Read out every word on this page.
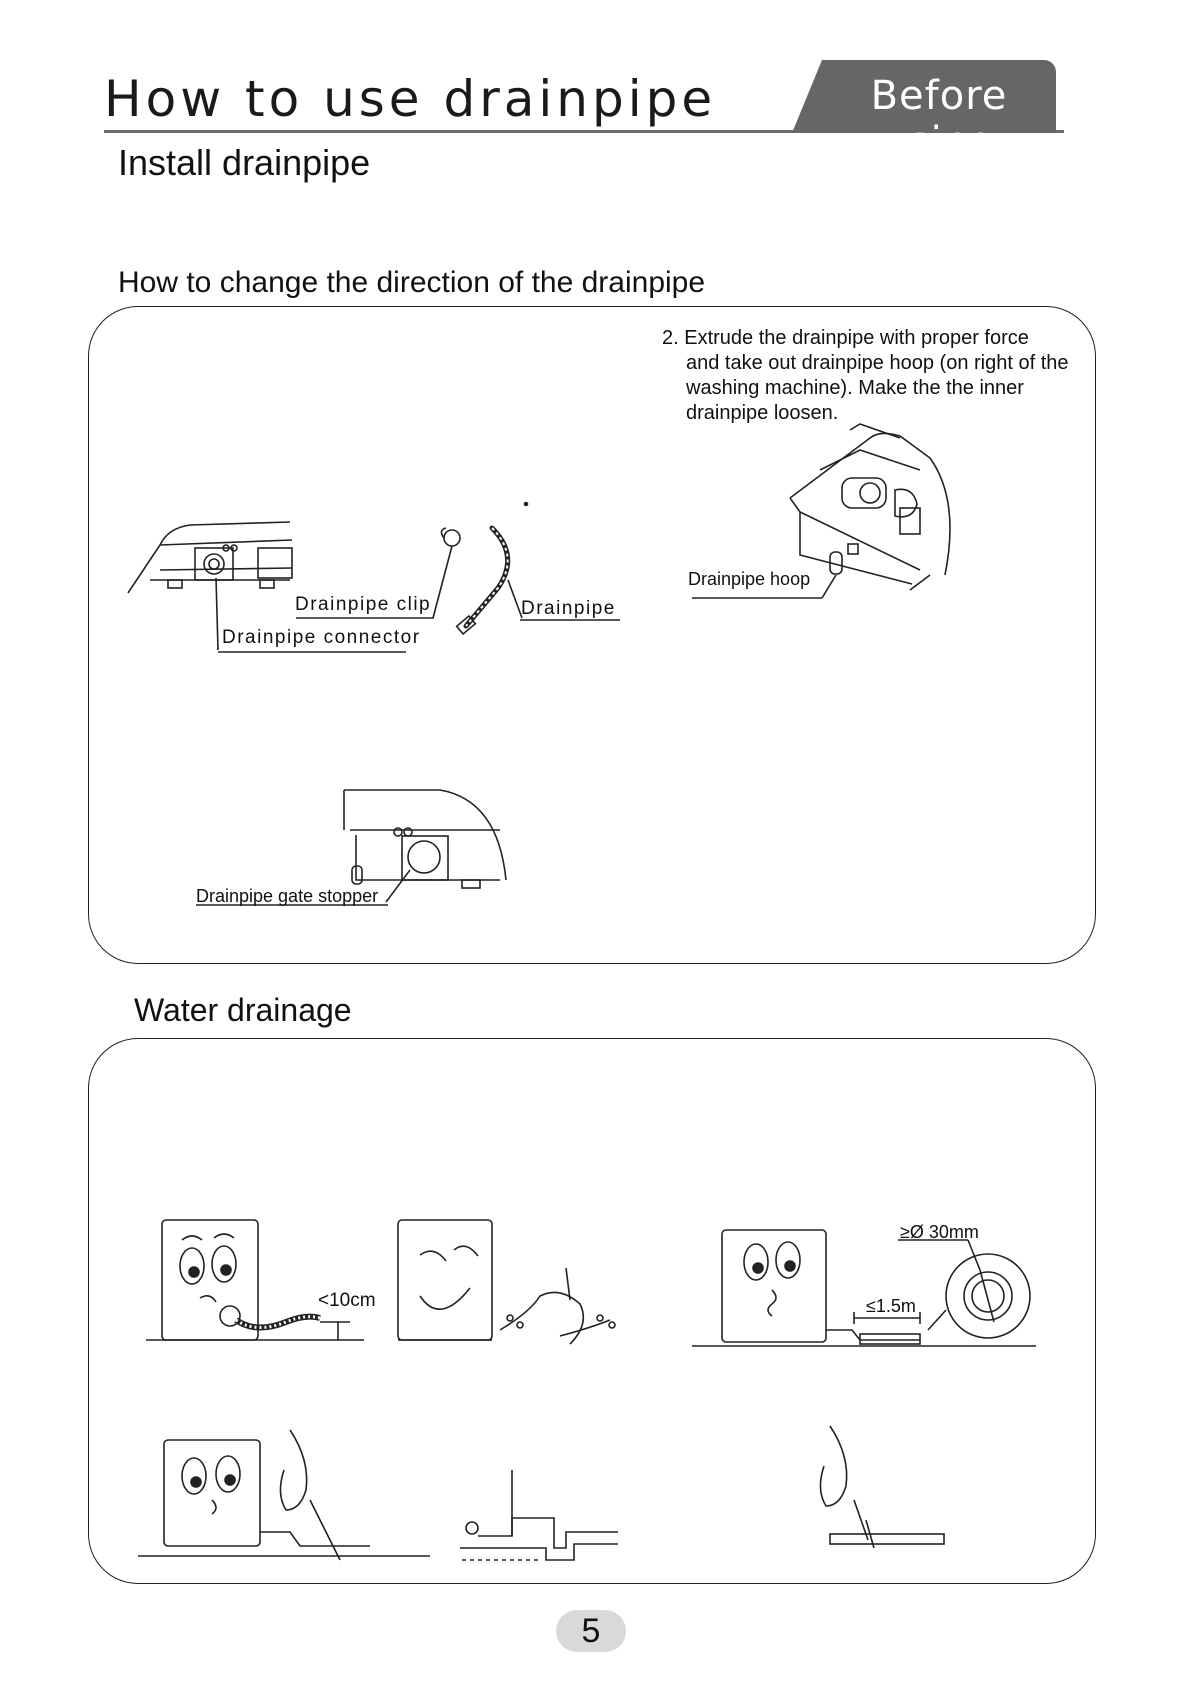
How to use drainpipe	Before using
Install drainpipe
How to change the direction of the drainpipe
2. Extrude the drainpipe with proper force
and take out drainpipe hoop (on right of the
washing machine). Make the the inner
drainpipe loosen.
Drainpipe clip	Drainpipe
Drainpipe connector
Drainpipe hoop
Drainpipe gate stopper
Water drainage
<10cm
≥Ø 30mm
≤1.5m
5
